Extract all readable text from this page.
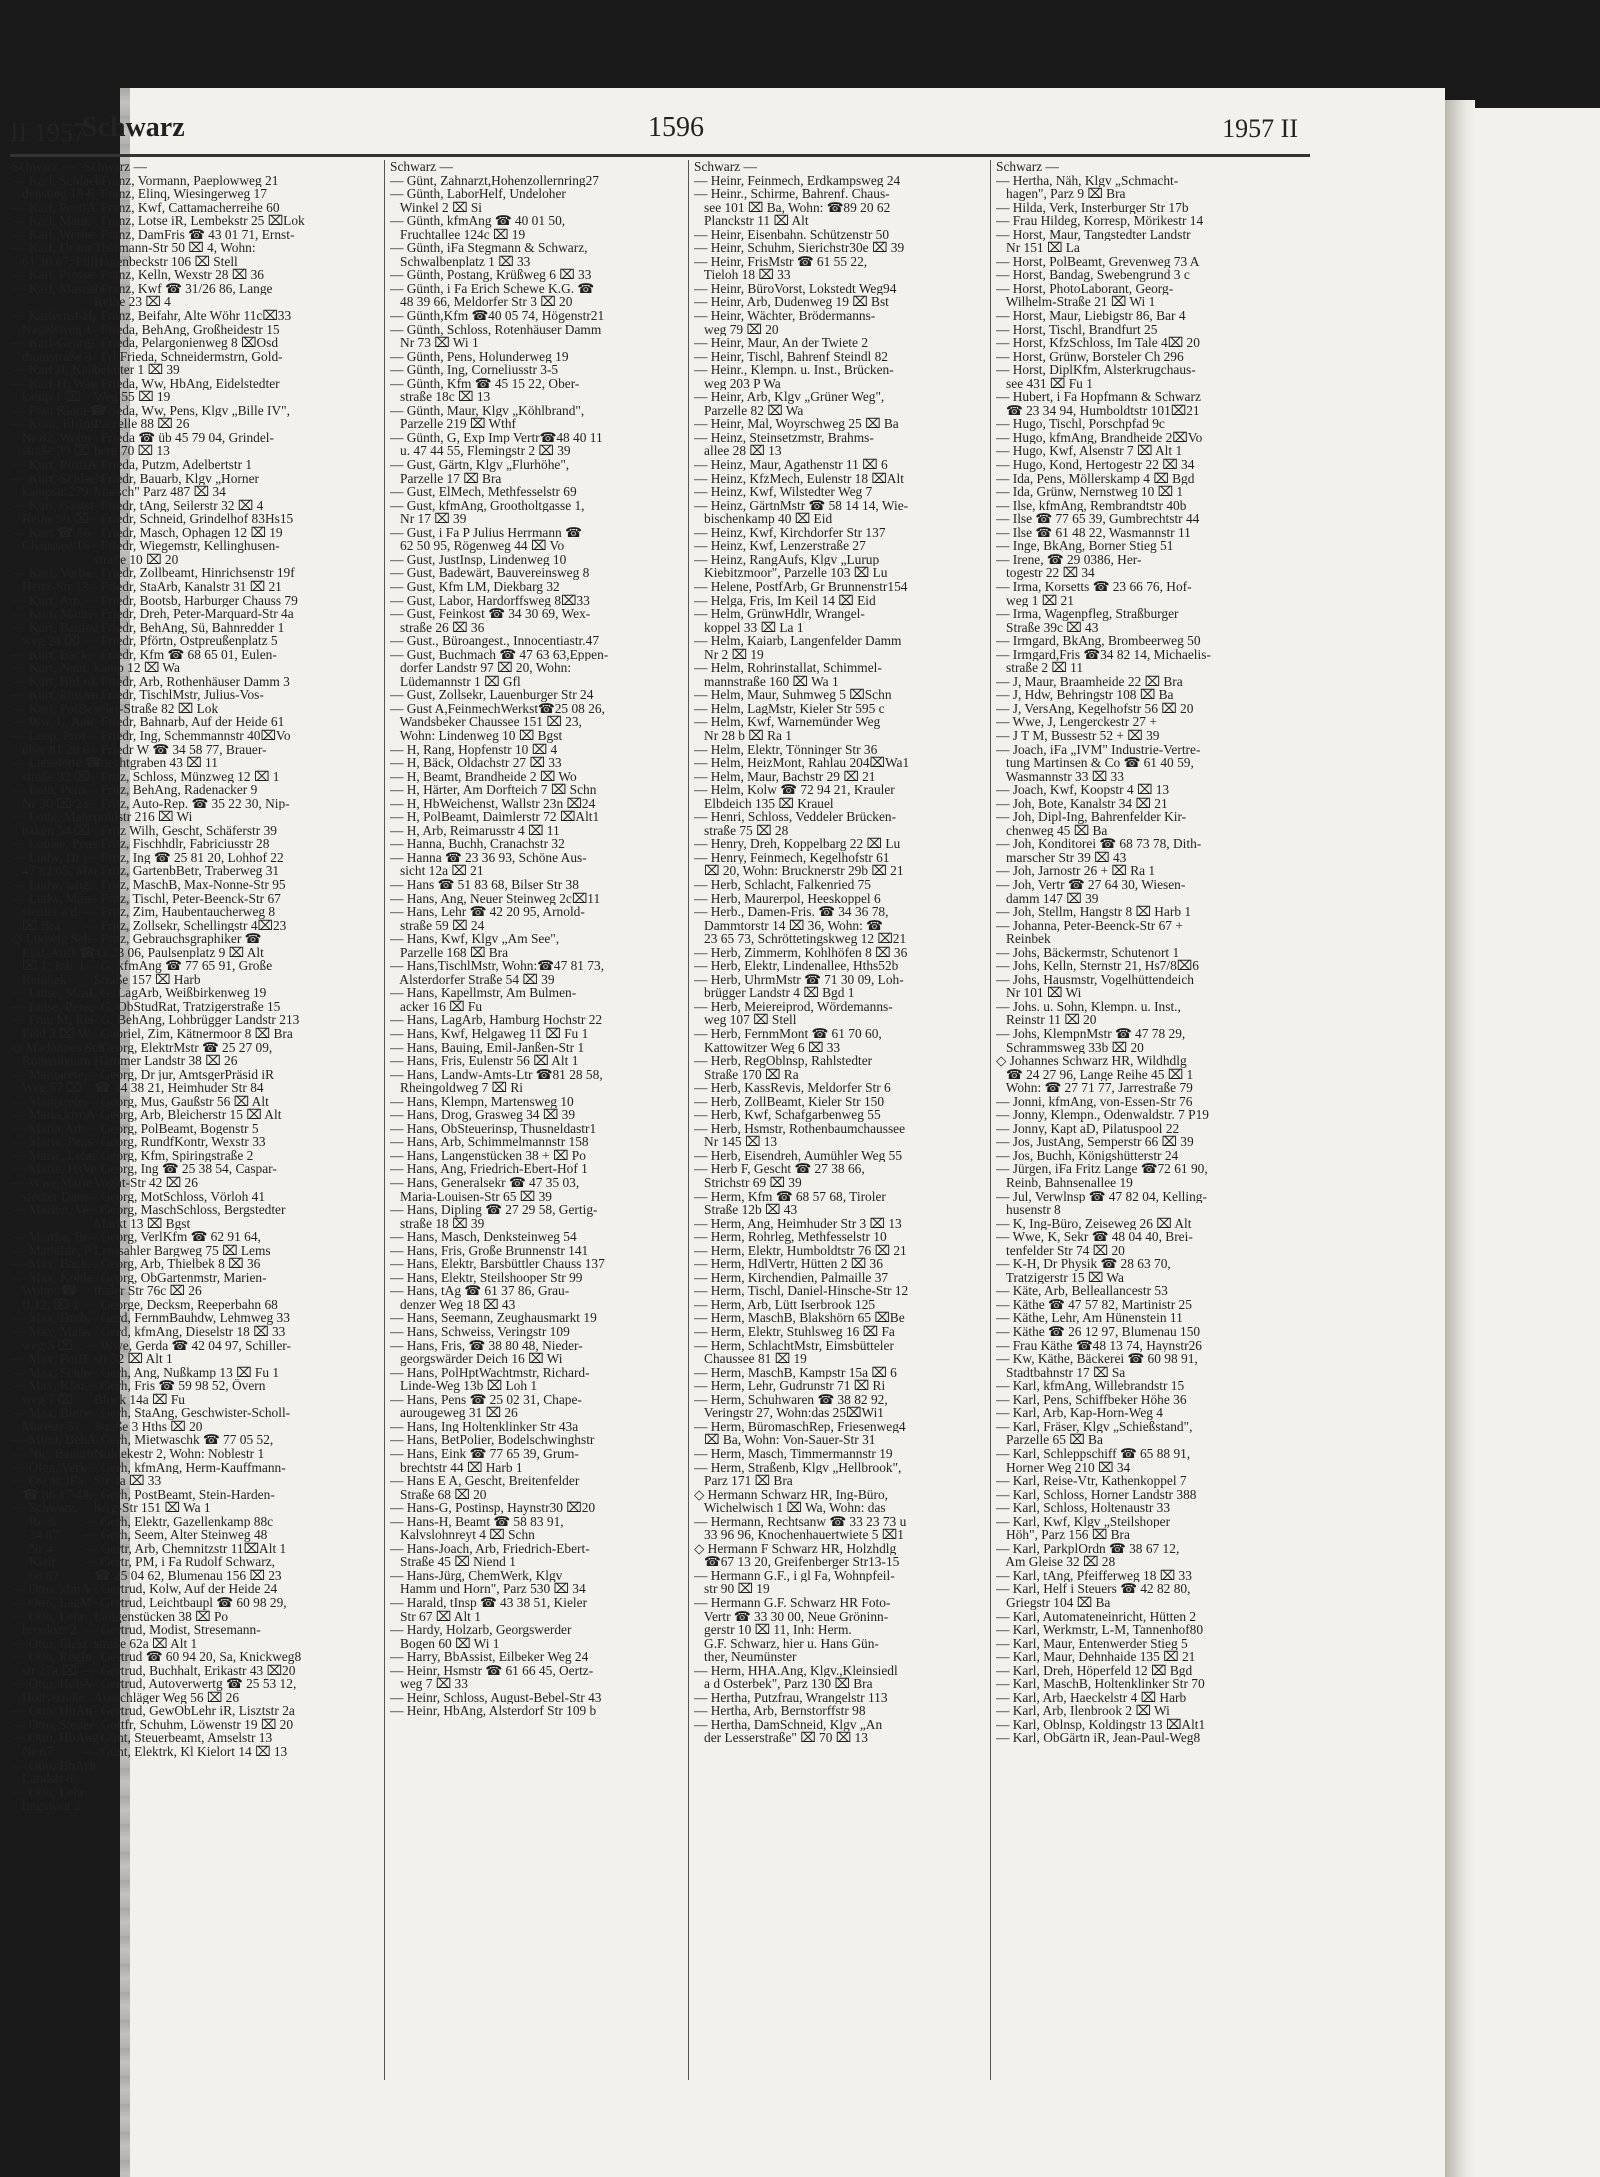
Schwarz	1596	1957 II
Schwarz —
— Franz, Vormann, Paeplowweg 21
— Franz, Elinq, Wiesingerweg 17
— Franz, Kwf, Cattamacherreihe 60
— Franz, Lotse iR, Lembekstr 25 ⌧Lok
— Franz, DamFris ☎ 43 01 71, Ernst-
Thälmann-Str 50 ⌧ 4, Wohn:
Hagenbeckstr 106 ⌧ Stell
— Franz, Kelln, Wexstr 28 ⌧ 36
— Franz, Kwf ☎ 31/26 86, Lange
Reihe 23 ⌧ 4
— Franz, Beifahr, Alte Wöhr 11c⌧33
— Frieda, BehAng, Großheidestr 15
— Frieda, Pelargonienweg 8 ⌧Osd
— Frl Frieda, Schneidermstrn, Gold-
bekuter 1 ⌧ 39
— Frieda, Ww, HbAng, Eidelstedter
Weg 55 ⌧ 19
— Frieda, Ww, Pens, Klgv „Bille IV",
Parzelle 88 ⌧ 26
— Frieda ☎ üb 45 79 04, Grindel-
berg 70 ⌧ 13
— Frieda, Putzm, Adelbertstr 1
— Friedr, Bauarb, Klgv „Horner
Marsch" Parz 487 ⌧ 34
— Friedr, tAng, Seilerstr 32 ⌧ 4
— Friedr, Schneid, Grindelhof 83Hs15
— Friedr, Masch, Ophagen 12 ⌧ 19
— Friedr, Wiegemstr, Kellinghusen-
straße 10 ⌧ 20
— Friedr, Zollbeamt, Hinrichsenstr 19f
— Friedr, StaArb, Kanalstr 31 ⌧ 21
— Friedr, Bootsb, Harburger Chauss 79
— Friedr, Dreh, Peter-Marquard-Str 4a
— Friedr, BehAng, Sü, Bahnredder 1
— Friedr, Pförtn, Ostpreußenplatz 5
— Friedr, Kfm ☎ 68 65 01, Eulen-
kamp 12 ⌧ Wa
— Friedr, Arb, Rothenhäuser Damm 3
— Friedr, TischlMstr, Julius-Vos-
seler-Straße 82 ⌧ Lok
— Friedr, Bahnarb, Auf der Heide 61
— Friedr, Ing, Schemmannstr 40⌧Vo
— Friedr W ☎ 34 58 77, Brauer-
knechtgraben 43 ⌧ 11
— Fritz, Schloss, Münzweg 12 ⌧ 1
— Fritz, BehAng, Radenacker 9
— Fritz, Auto-Rep. ☎ 35 22 30, Nip-
poldstr 216 ⌧ Wi
— Fritz Wilh, Gescht, Schäferstr 39
— Fritz, Fischhdlr, Fabriciusstr 28
— Fritz, Ing ☎ 25 81 20, Lohhof 22
— Fritz, GartenbBetr, Traberweg 31
— Fritz, MaschB, Max-Nonne-Str 95
— Fritz, Tischl, Peter-Beenck-Str 67
— Fritz, Zim, Haubentaucherweg 8
— Fritz, Zollsekr, Schellingstr 4⌧23
— Fritz, Gebrauchsgraphiker ☎
43 23 06, Paulsenplatz 9 ⌧ Alt
— G, kfmAng ☎ 77 65 91, Große
Straße 157 ⌧ Harb
— G, LagArb, Weißbirkenweg 19
— G, ObStudRat, Tratzigerstraße 15
— G, BehAng, Lohbrügger Landstr 213
— Gabriel, Zim, Kätnermoor 8 ⌧ Bra
— Georg, ElektrMstr ☎ 25 27 09,
Hammer Landstr 38 ⌧ 26
— Georg, Dr jur, AmtsgerPräsid iR
☎ 44 38 21, Heimhuder Str 84
— Georg, Mus, Gaußstr 56 ⌧ Alt
— Georg, Arb, Bleicherstr 15 ⌧ Alt
— Georg, PolBeamt, Bogenstr 5
— Georg, RundfKontr, Wexstr 33
— Georg, Kfm, Spiringstraße 2
— Georg, Ing ☎ 25 38 54, Caspar-
Voght-Str 42 ⌧ 26
— Georg, MotSchloss, Vörloh 41
— Georg, MaschSchloss, Bergstedter
Markt 13 ⌧ Bgst
— Georg, VerlKfm ☎ 62 91 64,
Lemsahler Bargweg 75 ⌧ Lems
— Georg, Arb, Thielbek 8 ⌧ 36
— Georg, ObGartenmstr, Marien-
thaler Str 76c ⌧ 26
— George, Decksm, Reeperbahn 68
— Gerd, FernmBauhdw, Lehmweg 33
— Gerd, kfmAng, Dieselstr 18 ⌧ 33
— Wwe, Gerda ☎ 42 04 97, Schiller-
str 52 ⌧ Alt 1
— Gerh, Ang, Nußkamp 13 ⌧ Fu 1
— Gerh, Fris ☎ 59 98 52, Övern
Block 14a ⌧ Fu
— Gerh, StaAng, Geschwister-Scholl-
Straße 3 Hths ⌧ 20
— Gerh, Mietwaschk ☎ 77 05 52,
Nöldekestr 2, Wohn: Noblestr 1
— Gerh, kfmAng, Herm-Kauffmann-
Str 4a ⌧ 33
— Gerh, PostBeamt, Stein-Harden-
berg-Str 151 ⌧ Wa 1
— Gerh, Elektr, Gazellenkamp 88c
— Gerh, Seem, Alter Steinweg 48
— Gertr, Arb, Chemnitzstr 11⌧Alt 1
— Gertr, PM, i Fa Rudolf Schwarz,
☎ 25 04 62, Blumenau 156 ⌧ 23
— Gertrud, Kolw, Auf der Heide 24
— Gertrud, Leichtbaupl ☎ 60 98 29,
Langenstücken 38 ⌧ Po
— Gertrud, Modist, Stresemann-
straße 62a ⌧ Alt 1
— Gertrud ☎ 60 94 20, Sa, Knickweg8
— Gertrud, Buchhalt, Erikastr 43 ⌧20
— Gertrud, Autoverwertg ☎ 25 53 12,
Ausschläger Weg 56 ⌧ 26
— Gertrud, GewObLehr iR, Lisztstr 2a
— Gottfr, Schuhm, Löwenstr 19 ⌧ 20
— Günt, Steuerbeamt, Amselstr 13
— Günt, Elektrk, Kl Kielort 14 ⌧ 13
Schwarz —
— Günt, Zahnarzt,Hohenzollernring27
— Günth, LaborHelf, Undeloher
Winkel 2 ⌧ Si
— Günth, kfmAng ☎ 40 01 50,
Fruchtallee 124c ⌧ 19
— Günth, iFa Stegmann & Schwarz,
Schwalbenplatz 1 ⌧ 33
— Günth, Postang, Krüßweg 6 ⌧ 33
— Günth, i Fa Erich Schewe K.G. ☎
48 39 66, Meldorfer Str 3 ⌧ 20
— Günth,Kfm ☎40 05 74, Högenstr21
— Günth, Schloss, Rotenhäuser Damm
Nr 73 ⌧ Wi 1
— Günth, Pens, Holunderweg 19
— Günth, Ing, Corneliusstr 3-5
— Günth, Kfm ☎ 45 15 22, Ober-
straße 18c ⌧ 13
— Günth, Maur, Klgv „Köhlbrand",
Parzelle 219 ⌧ Wthf
— Günth, G, Exp Imp Vertr☎48 40 11
u. 47 44 55, Flemingstr 2 ⌧ 39
— Gust, Gärtn, Klgv „Flurhöhe",
Parzelle 17 ⌧ Bra
— Gust, ElMech, Methfesselstr 69
— Gust, kfmAng, Grootholtgasse 1,
Nr 17 ⌧ 39
— Gust, i Fa P Julius Herrmann ☎
62 50 95, Rögenweg 44 ⌧ Vo
— Gust, JustInsp, Lindenweg 10
— Gust, Badewärt, Bauvereinsweg 8
— Gust, Kfm LM, Diekbarg 32
— Gust, Labor, Hardorffsweg 8⌧33
— Gust, Feinkost ☎ 34 30 69, Wex-
straße 26 ⌧ 36
— Gust., Büroangest., Innocentiastr.47
— Gust, Buchmach ☎ 47 63 63,Eppen-
dorfer Landstr 97 ⌧ 20, Wohn:
Lüdemannstr 1 ⌧ Gfl
— Gust, Zollsekr, Lauenburger Str 24
— Gust A,FeinmechWerkst☎25 08 26,
Wandsbeker Chaussee 151 ⌧ 23,
Wohn: Lindenweg 10 ⌧ Bgst
— H, Rang, Hopfenstr 10 ⌧ 4
— H, Bäck, Oldachstr 27 ⌧ 33
— H, Beamt, Brandheide 2 ⌧ Wo
— H, Härter, Am Dorfteich 7 ⌧ Schn
— H, HbWeichenst, Wallstr 23n ⌧24
— H, PolBeamt, Daimlerstr 72 ⌧Alt1
— H, Arb, Reimarusstr 4 ⌧ 11
— Hanna, Buchh, Cranachstr 32
— Hanna ☎ 23 36 93, Schöne Aus-
sicht 12a ⌧ 21
— Hans ☎ 51 83 68, Bilser Str 38
— Hans, Ang, Neuer Steinweg 2c⌧11
— Hans, Lehr ☎ 42 20 95, Arnold-
straße 59 ⌧ 24
— Hans, Kwf, Klgv „Am See",
Parzelle 168 ⌧ Bra
— Hans,TischlMstr, Wohn:☎47 81 73,
Alsterdorfer Straße 54 ⌧ 39
— Hans, Kapellmstr, Am Bulmen-
acker 16 ⌧ Fu
— Hans, LagArb, Hamburg Hochstr 22
— Hans, Kwf, Helgaweg 11 ⌧ Fu 1
— Hans, Bauing, Emil-Janßen-Str 1
— Hans, Fris, Eulenstr 56 ⌧ Alt 1
— Hans, Landw-Amts-Ltr ☎81 28 58,
Rheingoldweg 7 ⌧ Ri
— Hans, Klempn, Martensweg 10
— Hans, Drog, Grasweg 34 ⌧ 39
— Hans, ObSteuerinsp, Thusneldastr1
— Hans, Arb, Schimmelmannstr 158
— Hans, Langenstücken 38 + ⌧ Po
— Hans, Ang, Friedrich-Ebert-Hof 1
— Hans, Generalsekr ☎ 47 35 03,
Maria-Louisen-Str 65 ⌧ 39
— Hans, Dipling ☎ 27 29 58, Gertig-
straße 18 ⌧ 39
— Hans, Masch, Denksteinweg 54
— Hans, Fris, Große Brunnenstr 141
— Hans, Elektr, Barsbüttler Chauss 137
— Hans, Elektr, Steilshooper Str 99
— Hans, tAg ☎ 61 37 86, Grau-
denzer Weg 18 ⌧ 43
— Hans, Seemann, Zeughausmarkt 19
— Hans, Schweiss, Veringstr 109
— Hans, Fris, ☎ 38 80 48, Nieder-
georgswärder Deich 16 ⌧ Wi
— Hans, PolHptWachtmstr, Richard-
Linde-Weg 13b ⌧ Loh 1
— Hans, Pens ☎ 25 02 31, Chape-
aurougeweg 31 ⌧ 26
— Hans, Ing Holtenklinker Str 43a
— Hans, BetPolier, Bodelschwinghstr
— Hans, Eink ☎ 77 65 39, Grum-
brechtstr 44 ⌧ Harb 1
— Hans E A, Gescht, Breitenfelder
Straße 68 ⌧ 20
— Hans-G, Postinsp, Haynstr30 ⌧20
— Hans-H, Beamt ☎ 58 83 91,
Kalvslohnreyt 4 ⌧ Schn
— Hans-Joach, Arb, Friedrich-Ebert-
Straße 45 ⌧ Niend 1
— Hans-Jürg, ChemWerk, Klgv
Hamm und Horn", Parz 530 ⌧ 34
— Harald, tInsp ☎ 43 38 51, Kieler
Str 67 ⌧ Alt 1
— Hardy, Holzarb, Georgswerder
Bogen 60 ⌧ Wi 1
— Harry, BbAssist, Eilbeker Weg 24
— Heinr, Hsmstr ☎ 61 66 45, Oertz-
weg 7 ⌧ 33
— Heinr, Schloss, August-Bebel-Str 43
— Heinr, HbAng, Alsterdorf Str 109 b
Schwarz —
— Heinr, Feinmech, Erdkampsweg 24
— Heinr., Schirme, Bahrenf. Chaus-
see 101 ⌧ Ba, Wohn: ☎89 20 62
Planckstr 11 ⌧ Alt
— Heinr, Eisenbahn. Schützenstr 50
— Heinr, Schuhm, Sierichstr30e ⌧ 39
— Heinr, FrisMstr ☎ 61 55 22,
Tieloh 18 ⌧ 33
— Heinr, BüroVorst, Lokstedt Weg94
— Heinr, Arb, Dudenweg 19 ⌧ Bst
— Heinr, Wächter, Brödermanns-
weg 79 ⌧ 20
— Heinr, Maur, An der Twiete 2
— Heinr, Tischl, Bahrenf Steindl 82
— Heinr., Klempn. u. Inst., Brücken-
weg 203 P Wa
— Heinr, Arb, Klgv „Grüner Weg",
Parzelle 82 ⌧ Wa
— Heinr, Mal, Woyrschweg 25 ⌧ Ba
— Heinz, Steinsetzmstr, Brahms-
allee 28 ⌧ 13
— Heinz, Maur, Agathenstr 11 ⌧ 6
— Heinz, KfzMech, Eulenstr 18 ⌧Alt
— Heinz, Kwf, Wilstedter Weg 7
— Heinz, GärtnMstr ☎ 58 14 14, Wie-
bischenkamp 40 ⌧ Eid
— Heinz, Kwf, Kirchdorfer Str 137
— Heinz, Kwf, Lenzerstraße 27
— Heinz, RangAufs, Klgv „Lurup
Kiebitzmoor", Parzelle 103 ⌧ Lu
— Helene, PostfArb, Gr Brunnenstr154
— Helga, Fris, Im Keil 14 ⌧ Eid
— Helm, GrünwHdlr, Wrangel-
koppel 33 ⌧ La 1
— Helm, Kaiarb, Langenfelder Damm
Nr 2 ⌧ 19
— Helm, Rohrinstallat, Schimmel-
mannstraße 160 ⌧ Wa 1
— Helm, Maur, Suhmweg 5 ⌧Schn
— Helm, LagMstr, Kieler Str 595 c
— Helm, Kwf, Warnemünder Weg
Nr 28 b ⌧ Ra 1
— Helm, Elektr, Tönninger Str 36
— Helm, HeizMont, Rahlau 204⌧Wa1
— Helm, Maur, Bachstr 29 ⌧ 21
— Helm, Kolw ☎ 72 94 21, Krauler
Elbdeich 135 ⌧ Krauel
— Henri, Schloss, Veddeler Brücken-
straße 75 ⌧ 28
— Henry, Dreh, Koppelbarg 22 ⌧ Lu
— Henry, Feinmech, Kegelhofstr 61
⌧ 20, Wohn: Brucknerstr 29b ⌧ 21
— Herb, Schlacht, Falkenried 75
— Herb, Maurerpol, Heeskoppel 6
— Herb., Damen-Fris. ☎ 34 36 78,
Dammtorstr 14 ⌧ 36, Wohn: ☎
23 65 73, Schröttetingskweg 12 ⌧21
— Herb, Zimmerm, Kohlhöfen 8 ⌧ 36
— Herb, Elektr, Lindenallee, Hths52b
— Herb, UhrmMstr ☎ 71 30 09, Loh-
brügger Landstr 4 ⌧ Bgd 1
— Herb, Meiereiprod, Wördemanns-
weg 107 ⌧ Stell
— Herb, FernmMont ☎ 61 70 60,
Kattowitzer Weg 6 ⌧ 33
— Herb, RegOblnsp, Rahlstedter
Straße 170 ⌧ Ra
— Herb, KassRevis, Meldorfer Str 6
— Herb, ZollBeamt, Kieler Str 150
— Herb, Kwf, Schafgarbenweg 55
— Herb, Hsmstr, Rothenbaumchaussee
Nr 145 ⌧ 13
— Herb, Eisendreh, Aumühler Weg 55
— Herb F, Gescht ☎ 27 38 66,
Strichstr 69 ⌧ 39
— Herm, Kfm ☎ 68 57 68, Tiroler
Straße 12b ⌧ 43
— Herm, Ang, Heimhuder Str 3 ⌧ 13
— Herm, Rohrleg, Methfesselstr 10
— Herm, Elektr, Humboldtstr 76 ⌧ 21
— Herm, HdlVertr, Hütten 2 ⌧ 36
— Herm, Kirchendien, Palmaille 37
— Herm, Tischl, Daniel-Hinsche-Str 12
— Herm, Arb, Lütt Iserbrook 125
— Herm, MaschB, Blakshörn 65 ⌧Be
— Herm, Elektr, Stuhlsweg 16 ⌧ Fa
— Herm, SchlachtMstr, Eimsbütteler
Chaussee 81 ⌧ 19
— Herm, MaschB, Kampstr 15a ⌧ 6
— Herm, Lehr, Gudrunstr 71 ⌧ Ri
— Herm, Schuhwaren ☎ 38 82 92,
Veringstr 27, Wohn:das 25⌧Wi1
— Herm, BüromaschRep, Friesenweg4
⌧ Ba, Wohn: Von-Sauer-Str 31
— Herm, Masch, Timmermannstr 19
— Herm, Straßenb, Klgv „Hellbrook",
Parz 171 ⌧ Bra
◇ Hermann Schwarz HR, Ing-Büro,
Wichelwisch 1 ⌧ Wa, Wohn: das
— Hermann, Rechtsanw ☎ 33 23 73 u
33 96 96, Knochenhauertwiete 5 ⌧1
◇ Hermann F Schwarz HR, Holzhdlg
☎67 13 20, Greifenberger Str13-15
— Hermann G.F., i gl Fa, Wohnpfeil-
str 90 ⌧ 19
— Hermann G.F. Schwarz HR Foto-
Vertr ☎ 33 30 00, Neue Gröninn-
gerstr 10 ⌧ 11, Inh: Herm.
G.F. Schwarz, hier u. Hans Gün-
ther, Neumünster
— Herm, HHA.Ang, Klgv.,Kleinsiedl
a d Osterbek", Parz 130 ⌧ Bra
— Hertha, Putzfrau, Wrangelstr 113
— Hertha, Arb, Bernstorffstr 98
— Hertha, DamSchneid, Klgv „An
der Lesserstraße" ⌧ 70 ⌧ 13
Schwarz —
— Hertha, Näh, Klgv „Schmacht-
hagen", Parz 9 ⌧ Bra
— Hilda, Verk, Insterburger Str 17b
— Frau Hildeg, Korresp, Mörikestr 14
— Horst, Maur, Tangstedter Landstr
Nr 151 ⌧ La
— Horst, PolBeamt, Grevenweg 73 A
— Horst, Bandag, Swebengrund 3 c
— Horst, PhotoLaborant, Georg-
Wilhelm-Straße 21 ⌧ Wi 1
— Horst, Maur, Liebigstr 86, Bar 4
— Horst, Tischl, Brandfurt 25
— Horst, KfzSchloss, Im Tale 4⌧ 20
— Horst, Grünw, Borsteler Ch 296
— Horst, DiplKfm, Alsterkrugchaus-
see 431 ⌧ Fu 1
— Hubert, i Fa Hopfmann & Schwarz
☎ 23 34 94, Humboldtstr 101⌧21
— Hugo, Tischl, Porschpfad 9c
— Hugo, kfmAng, Brandheide 2⌧Vo
— Hugo, Kwf, Alsenstr 7 ⌧ Alt 1
— Hugo, Kond, Hertogestr 22 ⌧ 34
— Ida, Pens, Möllerskamp 4 ⌧ Bgd
— Ida, Grünw, Nernstweg 10 ⌧ 1
— Ilse, kfmAng, Rembrandtstr 40b
— Ilse ☎ 77 65 39, Gumbrechtstr 44
— Ilse ☎ 61 48 22, Wasmannstr 11
— Inge, BkAng, Borner Stieg 51
— Irene, ☎ 29 0386, Her-
togestr 22 ⌧ 34
— Irma, Korsetts ☎ 23 66 76, Hof-
weg 1 ⌧ 21
— Irma, Wagenpfleg, Straßburger
Straße 39c ⌧ 43
— Irmgard, BkAng, Brombeerweg 50
— Irmgard,Fris ☎34 82 14, Michaelis-
straße 2 ⌧ 11
— J, Maur, Braamheide 22 ⌧ Bra
— J, Hdw, Behringstr 108 ⌧ Ba
— J, VersAng, Kegelhofstr 56 ⌧ 20
— Wwe, J, Lengerckestr 27 +
— J T M, Bussestr 52 + ⌧ 39
— Joach, iFa „IVM" Industrie-Vertre-
tung Martinsen & Co ☎ 61 40 59,
Wasmannstr 33 ⌧ 33
— Joach, Kwf, Koopstr 4 ⌧ 13
— Joh, Bote, Kanalstr 34 ⌧ 21
— Joh, Dipl-Ing, Bahrenfelder Kir-
chenweg 45 ⌧ Ba
— Joh, Konditorei ☎ 68 73 78, Dith-
marscher Str 39 ⌧ 43
— Joh, Jarnostr 26 + ⌧ Ra 1
— Joh, Vertr ☎ 27 64 30, Wiesen-
damm 147 ⌧ 39
— Joh, Stellm, Hangstr 8 ⌧ Harb 1
— Johanna, Peter-Beenck-Str 67 +
Reinbek
— Johs, Bäckermstr, Schutenort 1
— Johs, Kelln, Sternstr 21, Hs7/8⌧6
— Johs, Hausmstr, Vogelhüttendeich
Nr 101 ⌧ Wi
— Johs. u. Sohn, Klempn. u. Inst.,
Reinstr 11 ⌧ 20
— Johs, KlempnMstr ☎ 47 78 29,
Schrammsweg 33b ⌧ 20
◇ Johannes Schwarz HR, Wildhdlg
☎ 24 27 96, Lange Reihe 45 ⌧ 1
Wohn: ☎ 27 71 77, Jarrestraße 79
— Jonni, kfmAng, von-Essen-Str 76
— Jonny, Klempn., Odenwaldstr. 7 P19
— Jonny, Kapt aD, Pilatuspool 22
— Jos, JustAng, Semperstr 66 ⌧ 39
— Jos, Buchh, Königshütterstr 24
— Jürgen, iFa Fritz Lange ☎72 61 90,
Reinb, Bahnsenallee 19
— Jul, Verwlnsp ☎ 47 82 04, Kelling-
husenstr 8
— K, Ing-Büro, Zeiseweg 26 ⌧ Alt
— Wwe, K, Sekr ☎ 48 04 40, Brei-
tenfelder Str 74 ⌧ 20
— K-H, Dr Physik ☎ 28 63 70,
Tratzigerstr 15 ⌧ Wa
— Käte, Arb, Belleallancestr 53
— Käthe ☎ 47 57 82, Martinistr 25
— Käthe, Lehr, Am Hünenstein 11
— Käthe ☎ 26 12 97, Blumenau 150
— Frau Käthe ☎48 13 74, Haynstr26
— Kw, Käthe, Bäckerei ☎ 60 98 91,
Stadtbahnstr 17 ⌧ Sa
— Karl, kfmAng, Willebrandstr 15
— Karl, Pens, Schiffbeker Höhe 36
— Karl, Arb, Kap-Horn-Weg 4
— Karl, Fräser, Klgv „Schießstand",
Parzelle 65 ⌧ Ba
— Karl, Schleppschiff ☎ 65 88 91,
Horner Weg 210 ⌧ 34
— Karl, Reise-Vtr, Kathenkoppel 7
— Karl, Schloss, Horner Landstr 388
— Karl, Schloss, Holtenaustr 33
— Karl, Kwf, Klgv „Steilshoper
Höh", Parz 156 ⌧ Bra
— Karl, ParkplOrdn ☎ 38 67 12,
Am Gleise 32 ⌧ 28
— Karl, tAng, Pfeifferweg 18 ⌧ 33
— Karl, Helf i Steuers ☎ 42 82 80,
Griegstr 104 ⌧ Ba
— Karl, Automateneinricht, Hütten 2
— Karl, Werkmstr, L-M, Tannenhof80
— Karl, Maur, Entenwerder Stieg 5
— Karl, Maur, Dehnhaide 135 ⌧ 21
— Karl, Dreh, Höperfeld 12 ⌧ Bgd
— Karl, MaschB, Holtenklinker Str 70
— Karl, Arb, Haeckelstr 4 ⌧ Harb
— Karl, Arb, Ilenbrook 2 ⌧ Wi
— Karl, Oblnsp, Koldingstr 13 ⌧Alt1
— Karl, ObGärtn iR, Jean-Paul-Weg8
II 1957
Schwarz —
— Karl, Schlacht
denstieg 15 E
— Karl, PostfA
— Karl, Maur,
— Karl, Werbe
— Karl, Dr me
61 30 67, Pill
— Karl, Presse
— Karl, Maschb
— Karlernst-H,
Nagelsweg 1
— Karl-Georg,
thomstraße 3
— Karl H, Kalk
— Karl-H, Wag
kamp 1 ⌧
— Frau Klara ☎
— Konr, El-Inst
Nr 82, Wohn
straße 39 ⌧
— Kurt, PostfA
— Kurt, Schlach
kampstr 279
— Kurt, Gastst
Reihe 99 ⌧
— Kurt ☎ 86
Chaussee 16
— Kurt, Verba
Hertz-Str 13
— Kurt, Arb,
— Kurt, Maur,
— Kurt, Bauing
weg 24 ⌧
— Kurt, Bäck,
— Kurt, Naut,
— Kurt, BbLok
— Kurt, kfmAn
— Kurt, PolBe
— Ww, L, Aalc
— Leop, Prof
über 81 20 6
— Lieselotte ☎
straße 32 ⌧
— Loth, Pens,
Nr 30 ⌧ 23
— Lotte, Mann
haken 54 ⌧
— Louise, Pens
— Ludw, Dr j
47 82 65, Mar
— Ludw, tang,
— Ludw, Maus
siedler a d
⌧ Bra
◇ Ludwig Sch
Einf-Ausf ☎
⌧ 1; Inh: L
Reinbek
— Luise, MusL
— Luise, Pens,
— Frau M, Rei
Feld 3 ⌧ W
◇ Madonnes Sch
Rothenbaum
— Margarete,
Weg 57 ⌧
— Margarete,
— Maria,kfmA
— Maria,Arb,
— Marie, Pens
— Marie, Lehr,
— Marie, HsVe
— Wwe,Marie
stedter Dam
— Marion, Ve
— Martha, Br
— Mathilde, P
— Max, Bäck,
— Max, Kohle
Wohn: ☎
fl 12, ⌧ 1
— Max, Dreh,
— Max, Maler
weg 5 ⌧
— Max, PolH
— Max, Schlo
— Max, Kfm,
weg 7 ⌧
— Max, Bierv
Marestr 31
— Mimi, BehA
— Nic, Bauarb
— Olga, Verk
— Oscar, iFa
☎ 86 17 44,
— Schwarz,
Rech
34 87
Nr 4
Kielr
68 62
— Otto, kfmA
— Otto, LagM
— Otto, Lehr
brookstr 2
— Otto, Elekt
— Otto, RegIn
str 27a ⌧
— Otto, HdlsV
Höltystraße
— Otto, HbAn
— Otto, Steuer
— Otto, HbAng
Nr 67
— Otto, BbArb
Landstr 6
— Otto, Lehr
lingsweg 2
